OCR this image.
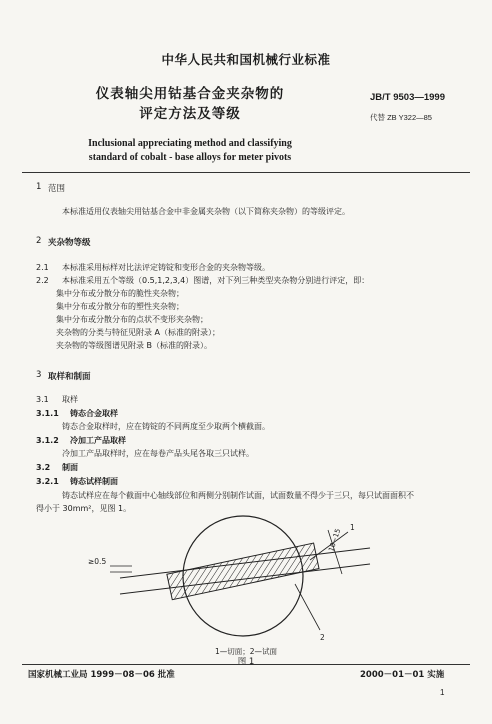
中华人民共和国机械行业标准
仪表轴尖用钴基合金夹杂物的
评定方法及等级
JB/T 9503—1999
代替 ZB Y322—85
Inclusional appreciating method and classifying
standard of cobalt - base alloys for meter pivots
1 范围
本标准适用仪表轴尖用钴基合金中非金属夹杂物（以下简称夹杂物）的等级评定。
2 夹杂物等级
2.1 本标准采用标样对比法评定铸锭和变形合金的夹杂物等级。
2.2 本标准采用五个等级（0.5,1,2,3,4）图谱，对下列三种类型夹杂物分别进行评定，即：
集中分布或分散分布的脆性夹杂物；
集中分布或分散分布的塑性夹杂物；
集中分布或分散分布的点状不变形夹杂物；
夹杂物的分类与特征见附录 A（标准的附录）；
夹杂物的等级图谱见附录 B（标准的附录）。
3 取样和制面
3.1 取样
3.1.1 铸态合金取样
铸态合金取样时，应在铸锭的不同两度至少取两个横截面。
3.1.2 冷加工产品取样
冷加工产品取样时，应在每卷产品头尾各取三只试样。
3.2 制面
3.2.1 铸态试样制面
铸态试样应在每个截面中心轴线部位和两侧分别制作试面，试面数量不得少于三只，每只试面面积不
得小于 30mm²，见图 1。
≥0.5
10~15
1
2
1—切面；2—试面
图 1
国家机械工业局 1999－08－06 批准	2000－01－01 实施
1
